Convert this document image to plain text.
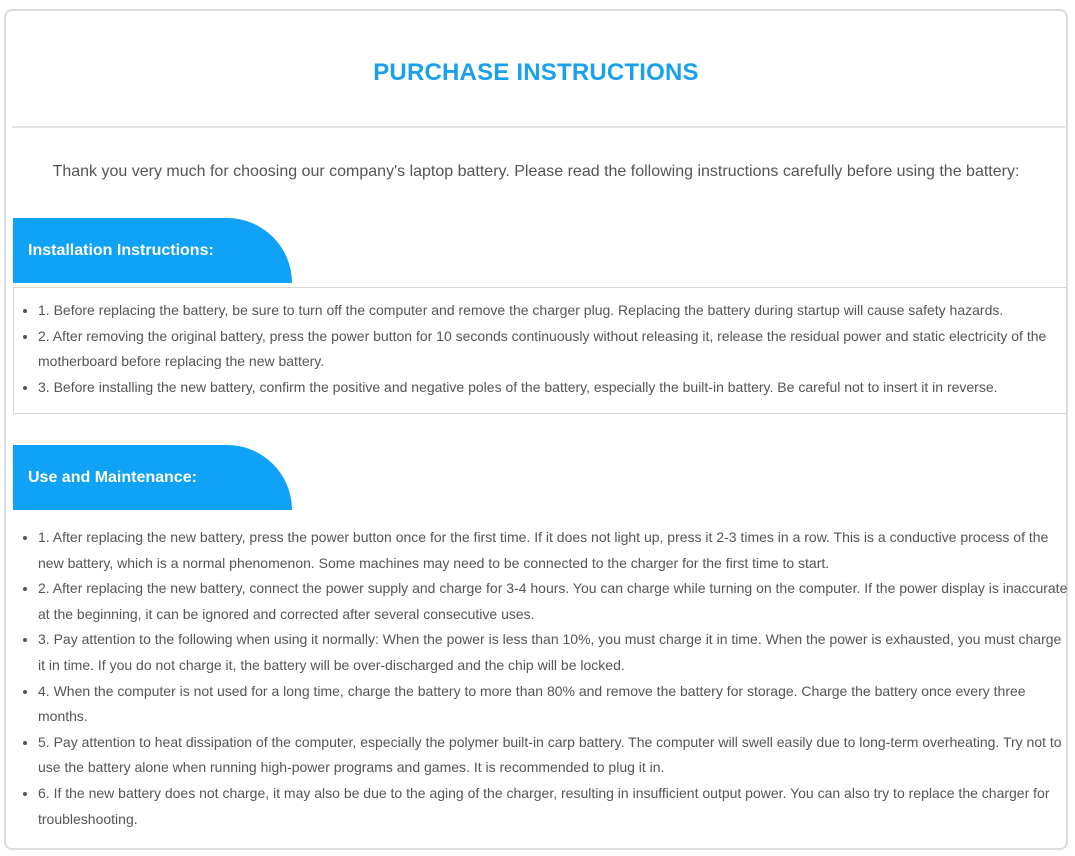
PURCHASE INSTRUCTIONS
Thank you very much for choosing our company's laptop battery. Please read the following instructions carefully before using the battery:
Installation Instructions:
• 1. Before replacing the battery, be sure to turn off the computer and remove the charger plug. Replacing the battery during startup will cause safety hazards.
• 2. After removing the original battery, press the power button for 10 seconds continuously without releasing it, release the residual power and static electricity of the motherboard before replacing the new battery.
• 3. Before installing the new battery, confirm the positive and negative poles of the battery, especially the built-in battery. Be careful not to insert it in reverse.
Use and Maintenance:
• 1. After replacing the new battery, press the power button once for the first time. If it does not light up, press it 2-3 times in a row. This is a conductive process of the new battery, which is a normal phenomenon. Some machines may need to be connected to the charger for the first time to start.
• 2. After replacing the new battery, connect the power supply and charge for 3-4 hours. You can charge while turning on the computer. If the power display is inaccurate at the beginning, it can be ignored and corrected after several consecutive uses.
• 3. Pay attention to the following when using it normally: When the power is less than 10%, you must charge it in time. When the power is exhausted, you must charge it in time. If you do not charge it, the battery will be over-discharged and the chip will be locked.
• 4. When the computer is not used for a long time, charge the battery to more than 80% and remove the battery for storage. Charge the battery once every three months.
• 5. Pay attention to heat dissipation of the computer, especially the polymer built-in carp battery. The computer will swell easily due to long-term overheating. Try not to use the battery alone when running high-power programs and games. It is recommended to plug it in.
• 6. If the new battery does not charge, it may also be due to the aging of the charger, resulting in insufficient output power. You can also try to replace the charger for troubleshooting.
